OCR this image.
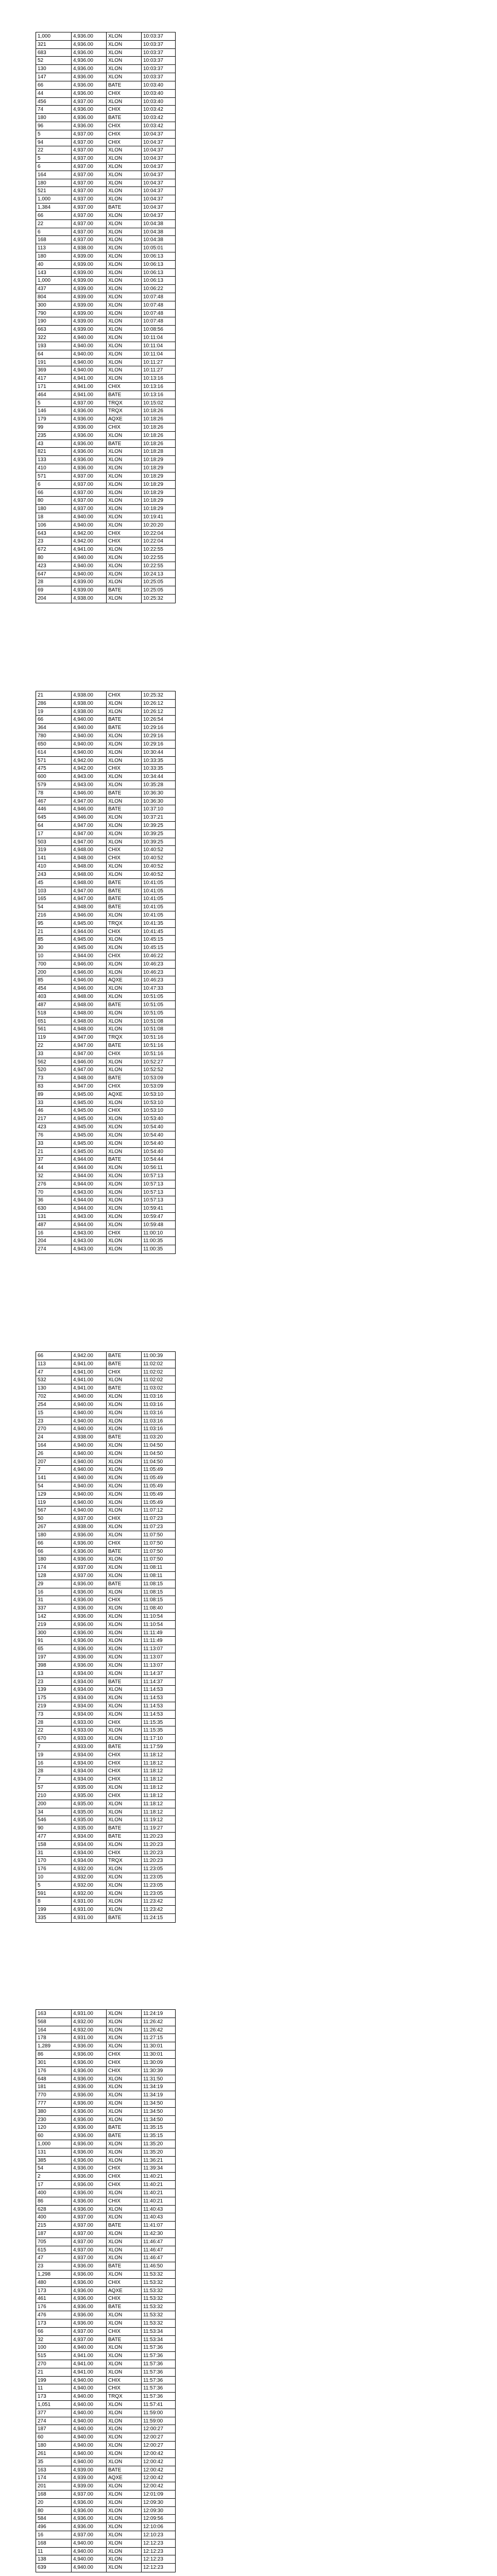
1,000	4,936.00	XLON	10:03:37
321	4,936.00	XLON	10:03:37
683	4,936.00	XLON	10:03:37
52	4,936.00	XLON	10:03:37
130	4,936.00	XLON	10:03:37
147	4,936.00	XLON	10:03:37
66	4,936.00	BATE	10:03:40
44	4,936.00	CHIX	10:03:40
456	4,937.00	XLON	10:03:40
74	4,936.00	CHIX	10:03:42
180	4,936.00	BATE	10:03:42
96	4,936.00	CHIX	10:03:42
5	4,937.00	CHIX	10:04:37
94	4,937.00	CHIX	10:04:37
22	4,937.00	XLON	10:04:37
5	4,937.00	XLON	10:04:37
6	4,937.00	XLON	10:04:37
164	4,937.00	XLON	10:04:37
180	4,937.00	XLON	10:04:37
521	4,937.00	XLON	10:04:37
1,000	4,937.00	XLON	10:04:37
1,384	4,937.00	BATE	10:04:37
66	4,937.00	XLON	10:04:37
22	4,937.00	XLON	10:04:38
6	4,937.00	XLON	10:04:38
168	4,937.00	XLON	10:04:38
113	4,938.00	XLON	10:05:01
180	4,939.00	XLON	10:06:13
40	4,939.00	XLON	10:06:13
143	4,939.00	XLON	10:06:13
1,000	4,939.00	XLON	10:06:13
437	4,939.00	XLON	10:06:22
804	4,939.00	XLON	10:07:48
300	4,939.00	XLON	10:07:48
790	4,939.00	XLON	10:07:48
190	4,939.00	XLON	10:07:48
663	4,939.00	XLON	10:08:56
322	4,940.00	XLON	10:11:04
193	4,940.00	XLON	10:11:04
64	4,940.00	XLON	10:11:04
191	4,940.00	XLON	10:11:27
369	4,940.00	XLON	10:11:27
417	4,941.00	XLON	10:13:16
171	4,941.00	CHIX	10:13:16
464	4,941.00	BATE	10:13:16
5	4,937.00	TRQX	10:15:02
146	4,936.00	TRQX	10:18:26
179	4,936.00	AQXE	10:18:26
99	4,936.00	CHIX	10:18:26
235	4,936.00	XLON	10:18:26
43	4,936.00	BATE	10:18:26
821	4,936.00	XLON	10:18:28
133	4,936.00	XLON	10:18:29
410	4,936.00	XLON	10:18:29
571	4,937.00	XLON	10:18:29
6	4,937.00	XLON	10:18:29
66	4,937.00	XLON	10:18:29
80	4,937.00	XLON	10:18:29
180	4,937.00	XLON	10:18:29
18	4,940.00	XLON	10:19:41
106	4,940.00	XLON	10:20:20
643	4,942.00	CHIX	10:22:04
23	4,942.00	CHIX	10:22:04
672	4,941.00	XLON	10:22:55
80	4,940.00	XLON	10:22:55
423	4,940.00	XLON	10:22:55
647	4,940.00	XLON	10:24:13
28	4,939.00	XLON	10:25:05
69	4,939.00	BATE	10:25:05
204	4,938.00	XLON	10:25:32
21	4,938.00	CHIX	10:25:32
286	4,938.00	XLON	10:26:12
19	4,938.00	XLON	10:26:12
66	4,940.00	BATE	10:26:54
364	4,940.00	BATE	10:29:16
780	4,940.00	XLON	10:29:16
650	4,940.00	XLON	10:29:16
614	4,940.00	XLON	10:30:44
571	4,942.00	XLON	10:33:35
475	4,942.00	CHIX	10:33:35
600	4,943.00	XLON	10:34:44
579	4,943.00	XLON	10:35:28
78	4,946.00	BATE	10:36:30
467	4,947.00	XLON	10:36:30
446	4,946.00	BATE	10:37:10
645	4,946.00	XLON	10:37:21
64	4,947.00	XLON	10:39:25
17	4,947.00	XLON	10:39:25
503	4,947.00	XLON	10:39:25
319	4,948.00	CHIX	10:40:52
141	4,948.00	CHIX	10:40:52
410	4,948.00	XLON	10:40:52
243	4,948.00	XLON	10:40:52
45	4,948.00	BATE	10:41:05
103	4,947.00	BATE	10:41:05
165	4,947.00	BATE	10:41:05
54	4,948.00	BATE	10:41:05
216	4,946.00	XLON	10:41:05
95	4,945.00	TRQX	10:41:35
21	4,944.00	CHIX	10:41:45
85	4,945.00	XLON	10:45:15
30	4,945.00	XLON	10:45:15
10	4,944.00	CHIX	10:46:22
700	4,946.00	XLON	10:46:23
200	4,946.00	XLON	10:46:23
85	4,946.00	AQXE	10:46:23
454	4,946.00	XLON	10:47:33
403	4,948.00	XLON	10:51:05
487	4,948.00	BATE	10:51:05
518	4,948.00	XLON	10:51:05
651	4,948.00	XLON	10:51:08
561	4,948.00	XLON	10:51:08
119	4,947.00	TRQX	10:51:16
22	4,947.00	BATE	10:51:16
33	4,947.00	CHIX	10:51:16
562	4,946.00	XLON	10:52:27
520	4,947.00	XLON	10:52:52
73	4,948.00	BATE	10:53:09
83	4,947.00	CHIX	10:53:09
89	4,945.00	AQXE	10:53:10
33	4,945.00	XLON	10:53:10
46	4,945.00	CHIX	10:53:10
217	4,945.00	XLON	10:53:40
423	4,945.00	XLON	10:54:40
76	4,945.00	XLON	10:54:40
33	4,945.00	XLON	10:54:40
21	4,945.00	XLON	10:54:40
37	4,944.00	BATE	10:54:44
44	4,944.00	XLON	10:56:11
32	4,944.00	XLON	10:57:13
276	4,944.00	XLON	10:57:13
70	4,943.00	XLON	10:57:13
36	4,944.00	XLON	10:57:13
630	4,944.00	XLON	10:59:41
131	4,943.00	XLON	10:59:47
487	4,944.00	XLON	10:59:48
16	4,943.00	CHIX	11:00:10
204	4,943.00	XLON	11:00:35
274	4,943.00	XLON	11:00:35
66	4,942.00	BATE	11:00:39
113	4,941.00	BATE	11:02:02
47	4,941.00	CHIX	11:02:02
532	4,941.00	XLON	11:02:02
130	4,941.00	BATE	11:03:02
702	4,940.00	XLON	11:03:16
254	4,940.00	XLON	11:03:16
15	4,940.00	XLON	11:03:16
23	4,940.00	XLON	11:03:16
270	4,940.00	XLON	11:03:16
24	4,938.00	BATE	11:03:20
164	4,940.00	XLON	11:04:50
26	4,940.00	XLON	11:04:50
207	4,940.00	XLON	11:04:50
7	4,940.00	XLON	11:05:49
141	4,940.00	XLON	11:05:49
54	4,940.00	XLON	11:05:49
129	4,940.00	XLON	11:05:49
119	4,940.00	XLON	11:05:49
567	4,940.00	XLON	11:07:12
50	4,937.00	CHIX	11:07:23
267	4,938.00	XLON	11:07:23
180	4,936.00	XLON	11:07:50
66	4,936.00	CHIX	11:07:50
66	4,936.00	BATE	11:07:50
180	4,936.00	XLON	11:07:50
174	4,937.00	XLON	11:08:11
128	4,937.00	XLON	11:08:11
29	4,936.00	BATE	11:08:15
16	4,936.00	XLON	11:08:15
31	4,936.00	CHIX	11:08:15
337	4,936.00	XLON	11:08:40
142	4,936.00	XLON	11:10:54
219	4,936.00	XLON	11:10:54
300	4,936.00	XLON	11:11:49
91	4,936.00	XLON	11:11:49
65	4,936.00	XLON	11:13:07
197	4,936.00	XLON	11:13:07
398	4,936.00	XLON	11:13:07
13	4,934.00	XLON	11:14:37
23	4,934.00	BATE	11:14:37
139	4,934.00	XLON	11:14:53
175	4,934.00	XLON	11:14:53
219	4,934.00	XLON	11:14:53
73	4,934.00	XLON	11:14:53
28	4,933.00	CHIX	11:15:35
22	4,933.00	XLON	11:15:35
670	4,933.00	XLON	11:17:10
7	4,933.00	BATE	11:17:59
19	4,934.00	CHIX	11:18:12
16	4,934.00	CHIX	11:18:12
28	4,934.00	CHIX	11:18:12
7	4,934.00	CHIX	11:18:12
57	4,935.00	XLON	11:18:12
210	4,935.00	CHIX	11:18:12
200	4,935.00	XLON	11:18:12
34	4,935.00	XLON	11:18:12
546	4,935.00	XLON	11:19:12
90	4,935.00	BATE	11:19:27
477	4,934.00	BATE	11:20:23
158	4,934.00	XLON	11:20:23
31	4,934.00	CHIX	11:20:23
170	4,934.00	TRQX	11:20:23
176	4,932.00	XLON	11:23:05
10	4,932.00	XLON	11:23:05
5	4,932.00	XLON	11:23:05
591	4,932.00	XLON	11:23:05
8	4,931.00	XLON	11:23:42
199	4,931.00	XLON	11:23:42
335	4,931.00	BATE	11:24:15
163	4,931.00	XLON	11:24:19
568	4,932.00	XLON	11:26:42
164	4,932.00	XLON	11:26:42
178	4,931.00	XLON	11:27:15
1,289	4,936.00	XLON	11:30:01
86	4,936.00	CHIX	11:30:01
301	4,936.00	CHIX	11:30:09
176	4,936.00	CHIX	11:30:39
648	4,936.00	XLON	11:31:50
181	4,936.00	XLON	11:34:19
770	4,936.00	XLON	11:34:19
777	4,936.00	XLON	11:34:50
380	4,936.00	XLON	11:34:50
230	4,936.00	XLON	11:34:50
120	4,936.00	BATE	11:35:15
60	4,936.00	BATE	11:35:15
1,000	4,936.00	XLON	11:35:20
131	4,936.00	XLON	11:35:20
385	4,936.00	XLON	11:36:21
54	4,936.00	CHIX	11:39:34
2	4,936.00	CHIX	11:40:21
17	4,936.00	CHIX	11:40:21
400	4,936.00	XLON	11:40:21
86	4,936.00	CHIX	11:40:21
628	4,936.00	XLON	11:40:43
400	4,937.00	XLON	11:40:43
215	4,937.00	BATE	11:41:07
187	4,937.00	XLON	11:42:30
705	4,937.00	XLON	11:46:47
615	4,937.00	XLON	11:46:47
47	4,937.00	XLON	11:46:47
23	4,936.00	BATE	11:46:50
1,298	4,936.00	XLON	11:53:32
480	4,936.00	CHIX	11:53:32
173	4,936.00	AQXE	11:53:32
461	4,936.00	CHIX	11:53:32
176	4,936.00	BATE	11:53:32
476	4,936.00	XLON	11:53:32
173	4,936.00	XLON	11:53:32
66	4,937.00	CHIX	11:53:34
32	4,937.00	BATE	11:53:34
100	4,940.00	XLON	11:57:36
515	4,941.00	XLON	11:57:36
270	4,941.00	XLON	11:57:36
21	4,941.00	XLON	11:57:36
199	4,940.00	CHIX	11:57:36
11	4,940.00	CHIX	11:57:36
173	4,940.00	TRQX	11:57:36
1,051	4,940.00	XLON	11:57:41
377	4,940.00	XLON	11:59:00
274	4,940.00	XLON	11:59:00
187	4,940.00	XLON	12:00:27
60	4,940.00	XLON	12:00:27
180	4,940.00	XLON	12:00:27
261	4,940.00	XLON	12:00:42
35	4,940.00	XLON	12:00:42
163	4,939.00	BATE	12:00:42
174	4,939.00	AQXE	12:00:42
201	4,939.00	XLON	12:00:42
168	4,937.00	XLON	12:01:09
20	4,936.00	XLON	12:09:30
80	4,936.00	XLON	12:09:30
584	4,936.00	XLON	12:09:56
496	4,936.00	XLON	12:10:06
16	4,937.00	XLON	12:10:23
168	4,940.00	XLON	12:12:23
11	4,940.00	XLON	12:12:23
138	4,940.00	XLON	12:12:23
639	4,940.00	XLON	12:12:23
